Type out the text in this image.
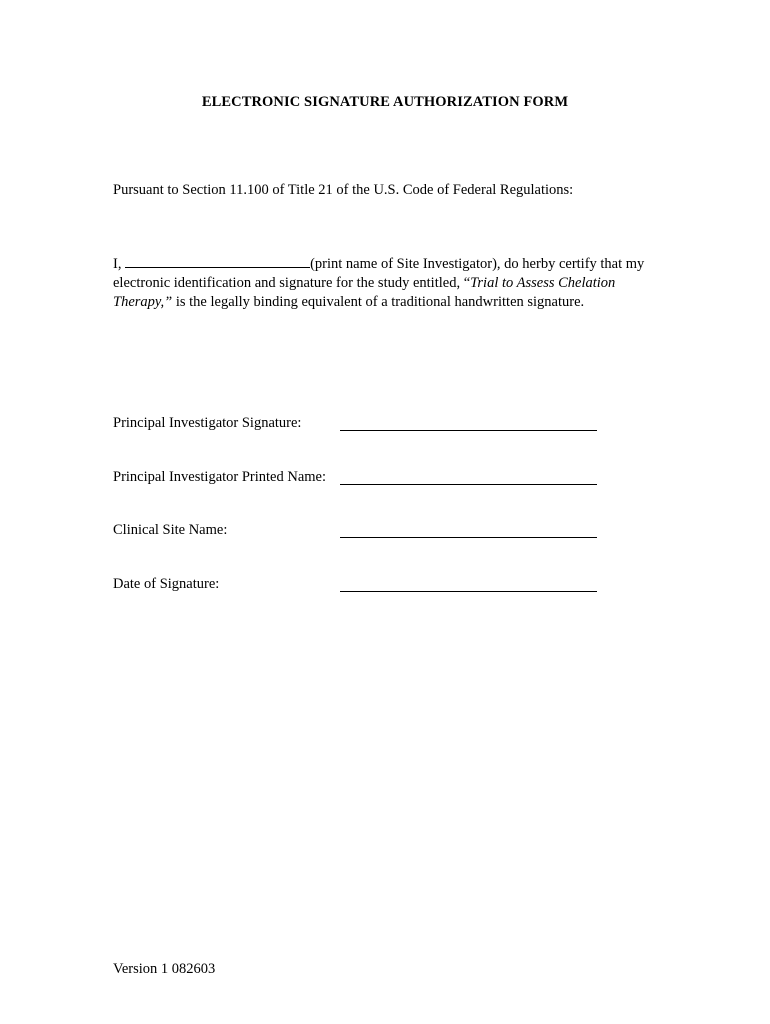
ELECTRONIC SIGNATURE AUTHORIZATION FORM
Pursuant to Section 11.100 of Title 21 of the U.S. Code of Federal Regulations:
I,	(print name of Site Investigator), do herby certify that my electronic identification and signature for the study entitled, “Trial to Assess Chelation Therapy,” is the legally binding equivalent of a traditional handwritten signature.
Principal Investigator Signature:
Principal Investigator Printed Name:
Clinical Site Name:
Date of Signature:
Version 1 082603
